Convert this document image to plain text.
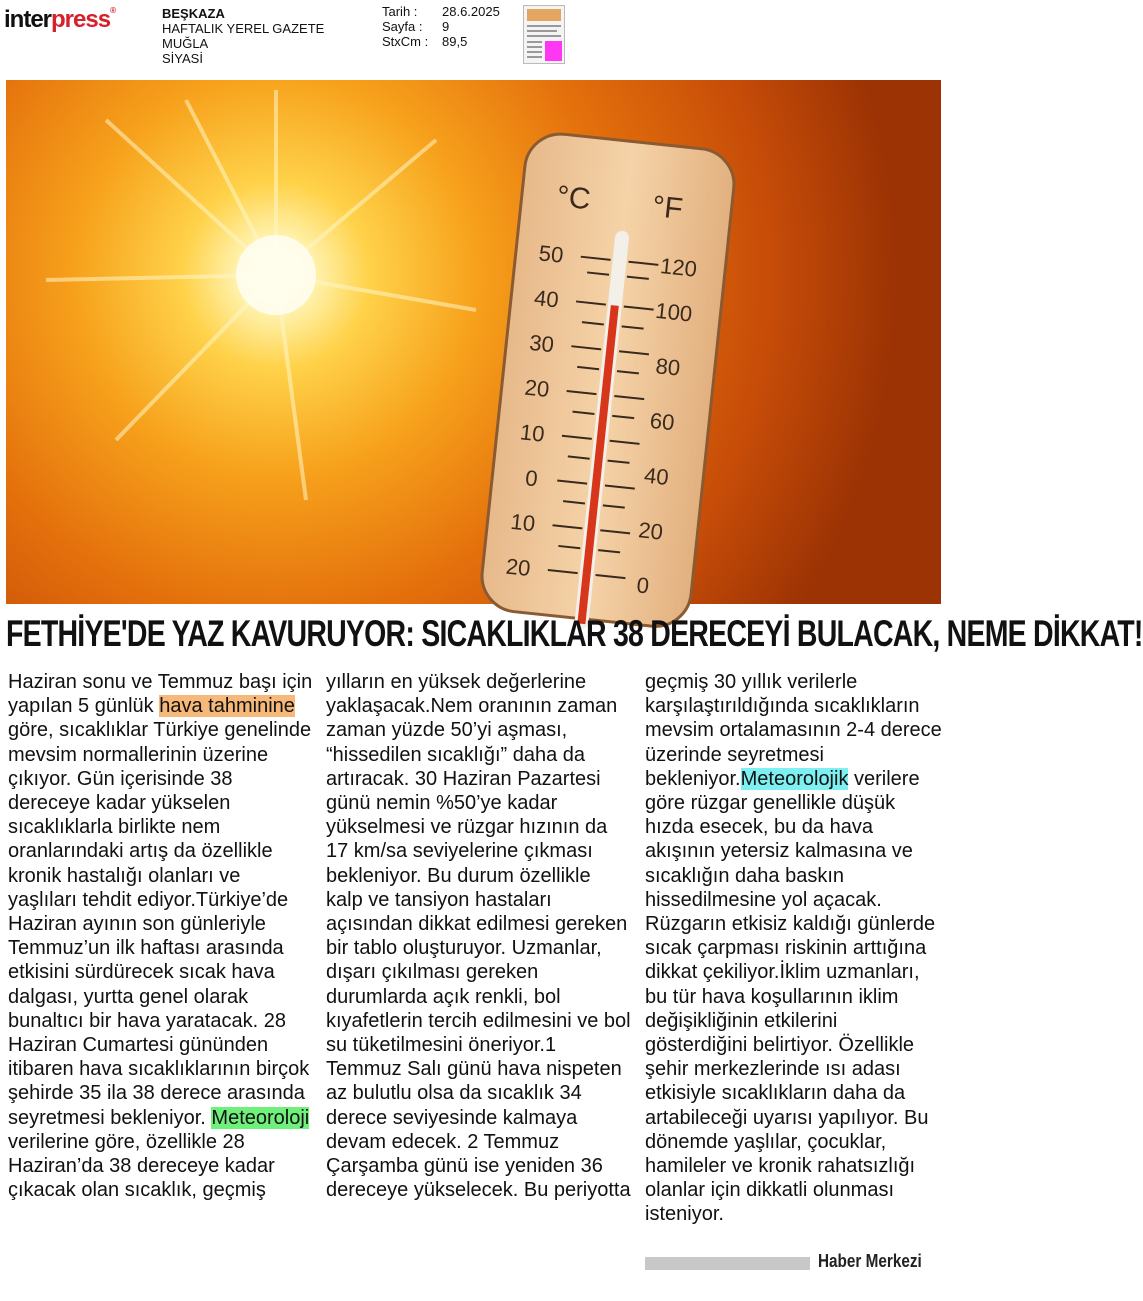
interpress®	BEŞKAZA
HAFTALIK YEREL GAZETE
MUĞLA
SİYASİ
Tarih :	28.6.2025
Sayfa :	9
StxCm :	89,5
°C °F
50
40
30
20
10
0
10
20
120
100
80
60
40
20
0
FETHİYE'DE YAZ KAVURUYOR: SICAKLIKLAR 38 DERECEYİ BULACAK, NEME DİKKAT!

Haziran sonu ve Temmuz başı için yapılan 5 günlük hava tahminine göre, sıcaklıklar Türkiye genelinde mevsim normallerinin üzerine çıkıyor. Gün içerisinde 38 dereceye kadar yükselen sıcaklıklarla birlikte nem oranlarındaki artış da özellikle kronik hastalığı olanları ve yaşlıları tehdit ediyor.Türkiye’de Haziran ayının son günleriyle Temmuz’un ilk haftası arasında etkisini sürdürecek sıcak hava dalgası, yurtta genel olarak bunaltıcı bir hava yaratacak. 28 Haziran Cumartesi gününden itibaren hava sıcaklıklarının birçok şehirde 35 ila 38 derece arasında seyretmesi bekleniyor. Meteoroloji verilerine göre, özellikle 28 Haziran’da 38 dereceye kadar çıkacak olan sıcaklık, geçmiş

yılların en yüksek değerlerine yaklaşacak.Nem oranının zaman zaman yüzde 50’yi aşması, “hissedilen sıcaklığı” daha da artıracak. 30 Haziran Pazartesi günü nemin %50’ye kadar yükselmesi ve rüzgar hızının da 17 km/sa seviyelerine çıkması bekleniyor. Bu durum özellikle kalp ve tansiyon hastaları açısından dikkat edilmesi gereken bir tablo oluşturuyor. Uzmanlar, dışarı çıkılması gereken durumlarda açık renkli, bol kıyafetlerin tercih edilmesini ve bol su tüketilmesini öneriyor.1 Temmuz Salı günü hava nispeten az bulutlu olsa da sıcaklık 34 derece seviyesinde kalmaya devam edecek. 2 Temmuz Çarşamba günü ise yeniden 36 dereceye yükselecek. Bu periyotta

geçmiş 30 yıllık verilerle karşılaştırıldığında sıcaklıkların mevsim ortalamasının 2-4 derece üzerinde seyretmesi bekleniyor.Meteorolojik verilere göre rüzgar genellikle düşük hızda esecek, bu da hava akışının yetersiz kalmasına ve sıcaklığın daha baskın hissedilmesine yol açacak. Rüzgarın etkisiz kaldığı günlerde sıcak çarpması riskinin arttığına dikkat çekiliyor.İklim uzmanları, bu tür hava koşullarının iklim değişikliğinin etkilerini gösterdiğini belirtiyor. Özellikle şehir merkezlerinde ısı adası etkisiyle sıcaklıkların daha da artabileceği uyarısı yapılıyor. Bu dönemde yaşlılar, çocuklar, hamileler ve kronik rahatsızlığı olanlar için dikkatli olunması isteniyor.

Haber Merkezi
